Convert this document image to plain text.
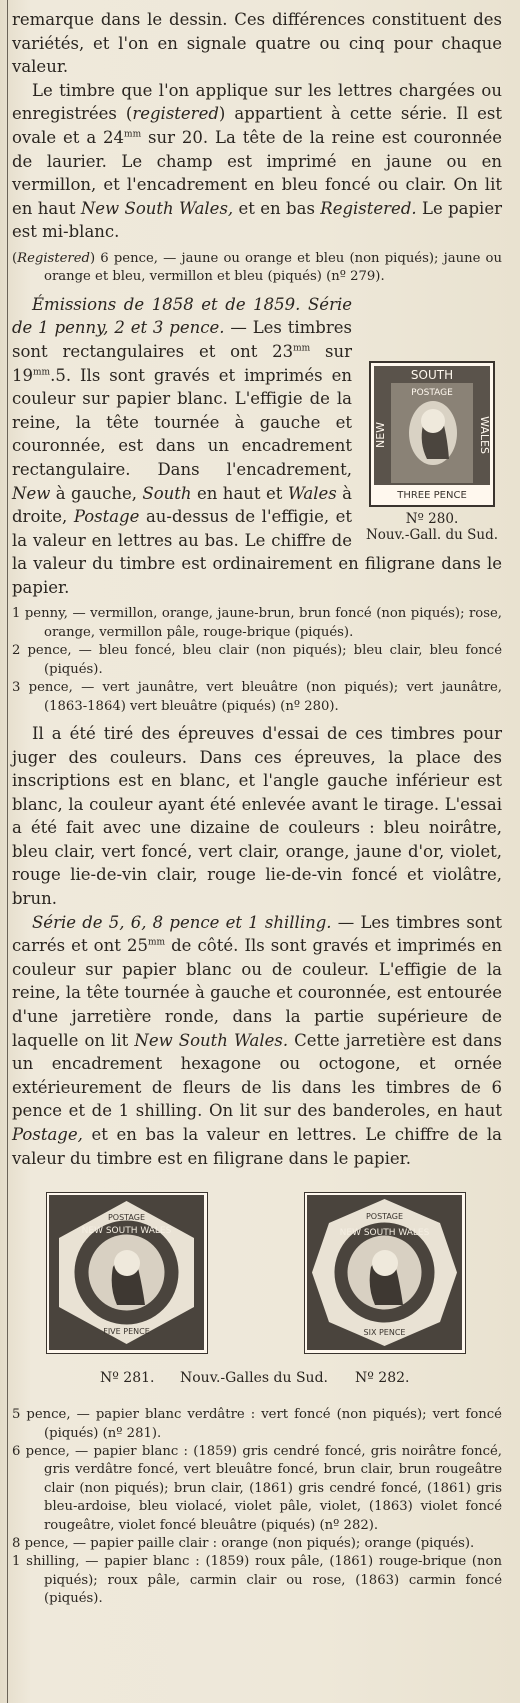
remarque dans le dessin. Ces différences constituent des variétés, et l'on en signale quatre ou cinq pour chaque valeur.

Le timbre que l'on applique sur les lettres chargées ou enregistrées (registered) appartient à cette série. Il est ovale et a $24^{mm}$ sur 20. La tête de la reine est couronnée de laurier. Le champ est imprimé en jaune ou en vermillon, et l'encadrement en bleu foncé ou clair. On lit en haut New South Wales, et en bas Registered. Le papier est mi-blanc.

(Registered) 6 pence, — jaune ou orange et bleu (non piqués); jaune ou orange et bleu, vermillon et bleu (piqués) (nº 279).

SOUTH
POSTAGE
NEW	WALES
THREE PENCE
Nº 280.
Nouv.-Gall. du Sud.

Émissions de 1858 et de 1859. Série de 1 penny, 2 et 3 pence. — Les timbres sont rectangulaires et ont $23^{mm}$ sur $19^{mm}.5$. Ils sont gravés et imprimés en couleur sur papier blanc. L'effigie de la reine, la tête tournée à gauche et couronnée, est dans un encadrement rectangulaire. Dans l'encadrement, New à gauche, South en haut et Wales à droite, Postage au-dessus de l'effigie, et la valeur en lettres au bas. Le chiffre de la valeur du timbre est ordinairement en filigrane dans le papier.

1 penny, — vermillon, orange, jaune-brun, brun foncé (non piqués); rose, orange, vermillon pâle, rouge-brique (piqués).
2 pence, — bleu foncé, bleu clair (non piqués); bleu clair, bleu foncé (piqués).
3 pence, — vert jaunâtre, vert bleuâtre (non piqués); vert jaunâtre, (1863-1864) vert bleuâtre (piqués) (nº 280).

Il a été tiré des épreuves d'essai de ces timbres pour juger des couleurs. Dans ces épreuves, la place des inscriptions est en blanc, et l'angle gauche inférieur est blanc, la couleur ayant été enlevée avant le tirage. L'essai a été fait avec une dizaine de couleurs : bleu noirâtre, bleu clair, vert foncé, vert clair, orange, jaune d'or, violet, rouge lie-de-vin clair, rouge lie-de-vin foncé et violâtre, brun.

Série de 5, 6, 8 pence et 1 shilling. — Les timbres sont carrés et ont $25^{mm}$ de côté. Ils sont gravés et imprimés en couleur sur papier blanc ou de couleur. L'effigie de la reine, la tête tournée à gauche et couronnée, est entourée d'une jarretière ronde, dans la partie supérieure de laquelle on lit New South Wales. Cette jarretière est dans un encadrement hexagone ou octogone, et ornée extérieurement de fleurs de lis dans les timbres de 6 pence et de 1 shilling. On lit sur des banderoles, en haut Postage, et en bas la valeur en lettres. Le chiffre de la valeur du timbre est en filigrane dans le papier.

POSTAGE
NEW SOUTH WALES
FIVE PENCE
POSTAGE
NEW SOUTH WALES
SIX PENCE
Nº 281. Nouv.-Galles du Sud. Nº 282.
5 pence, — papier blanc verdâtre : vert foncé (non piqués); vert foncé (piqués) (nº 281).
6 pence, — papier blanc : (1859) gris cendré foncé, gris noirâtre foncé, gris verdâtre foncé, vert bleuâtre foncé, brun clair, brun rougeâtre clair (non piqués); brun clair, (1861) gris cendré foncé, (1861) gris bleu-ardoise, bleu violacé, violet pâle, violet, (1863) violet foncé rougeâtre, violet foncé bleuâtre (piqués) (nº 282).
8 pence, — papier paille clair : orange (non piqués); orange (piqués).
1 shilling, — papier blanc : (1859) roux pâle, (1861) rouge-brique (non piqués); roux pâle, carmin clair ou rose, (1863) carmin foncé (piqués).
